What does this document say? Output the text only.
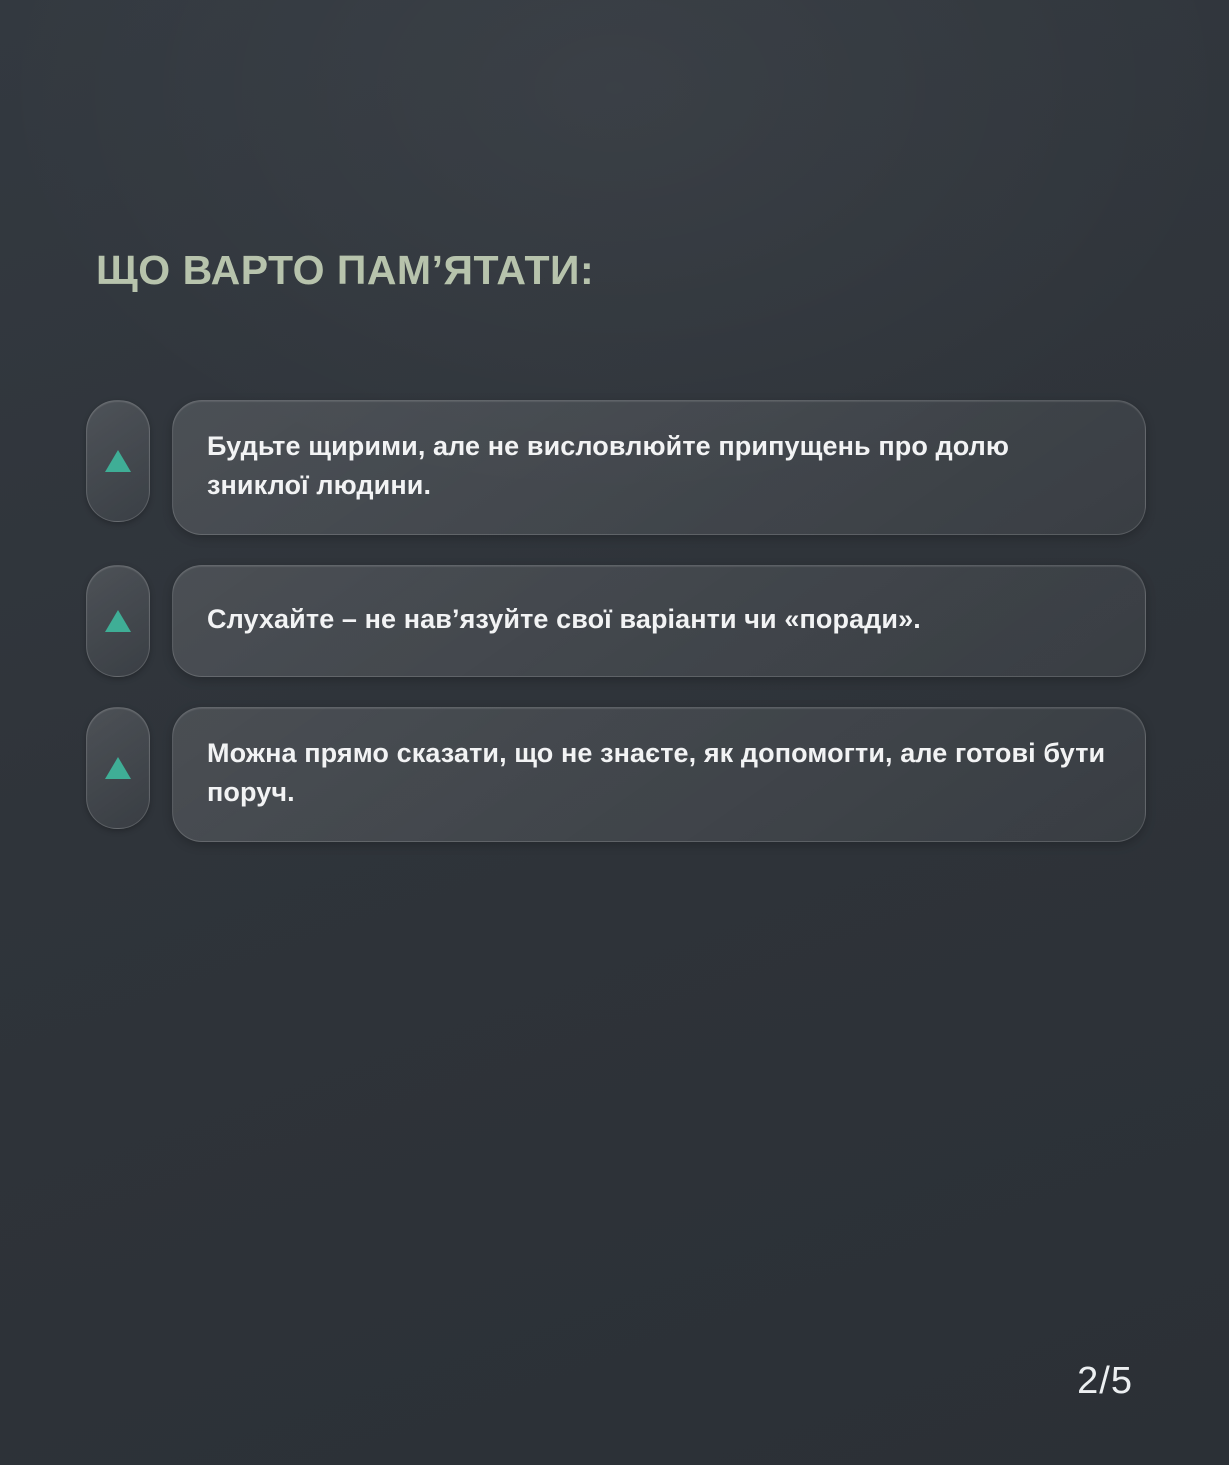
ЩО ВАРТО ПАМ’ЯТАТИ:
Будьте щирими, але не висловлюйте припущень про долю зниклої людини.
Слухайте – не нав’язуйте свої варіанти чи «поради».
Можна прямо сказати, що не знаєте, як допомогти, але готові бути поруч.
2/5
